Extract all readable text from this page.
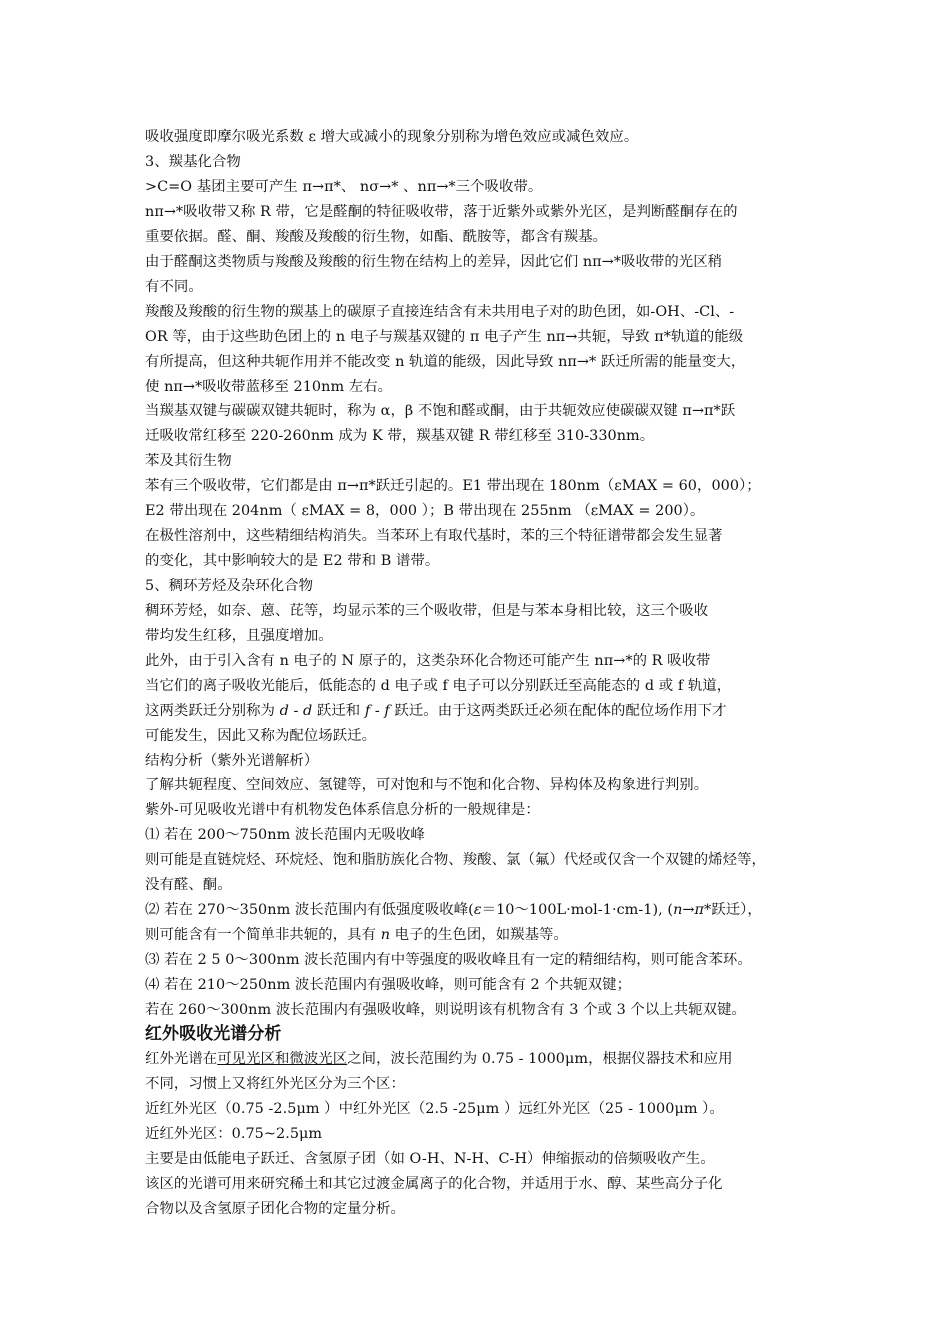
吸收强度即摩尔吸光系数 ε 增大或减小的现象分别称为增色效应或减色效应。
3、羰基化合物
>C=O 基团主要可产生 π→π*、 nσ→* 、nπ→*三个吸收带。
nπ→*吸收带又称 R 带，它是醛酮的特征吸收带，落于近紫外或紫外光区，是判断醛酮存在的
重要依据。醛、酮、羧酸及羧酸的衍生物，如酯、酰胺等，都含有羰基。
由于醛酮这类物质与羧酸及羧酸的衍生物在结构上的差异，因此它们 nπ→*吸收带的光区稍
有不同。
羧酸及羧酸的衍生物的羰基上的碳原子直接连结含有未共用电子对的助色团，如-OH、-Cl、-
OR 等，由于这些助色团上的 n 电子与羰基双键的 π 电子产生 nπ→共轭，导致 π*轨道的能级
有所提高，但这种共轭作用并不能改变 n 轨道的能级，因此导致 nπ→* 跃迁所需的能量变大，
使 nπ→*吸收带蓝移至 210nm 左右。
当羰基双键与碳碳双键共轭时，称为 α，β 不饱和醛或酮，由于共轭效应使碳碳双键 π→π*跃
迁吸收常红移至 220-260nm 成为 K 带，羰基双键 R 带红移至 310-330nm。
苯及其衍生物
苯有三个吸收带，它们都是由 π→π*跃迁引起的。E1 带出现在 180nm（εMAX = 60，000）；
E2 带出现在 204nm（ εMAX = 8，000 ）；B 带出现在 255nm （εMAX = 200）。
在极性溶剂中，这些精细结构消失。当苯环上有取代基时，苯的三个特征谱带都会发生显著
的变化，其中影响较大的是 E2 带和 B 谱带。
5、稠环芳烃及杂环化合物
稠环芳烃，如奈、蒽、芘等，均显示苯的三个吸收带，但是与苯本身相比较，这三个吸收
带均发生红移，且强度增加。
此外，由于引入含有 n 电子的 N 原子的，这类杂环化合物还可能产生 nπ→*的 R 吸收带
当它们的离子吸收光能后，低能态的 d 电子或 f 电子可以分别跃迁至高能态的 d 或 f 轨道，
这两类跃迁分别称为 d - d 跃迁和 f - f 跃迁。由于这两类跃迁必须在配体的配位场作用下才
可能发生，因此又称为配位场跃迁。
结构分析（紫外光谱解析）
了解共轭程度、空间效应、氢键等，可对饱和与不饱和化合物、异构体及构象进行判别。
紫外-可见吸收光谱中有机物发色体系信息分析的一般规律是：
⑴ 若在 200～750nm 波长范围内无吸收峰
则可能是直链烷烃、环烷烃、饱和脂肪族化合物、羧酸、氯（氟）代烃或仅含一个双键的烯烃等，
没有醛、酮。
⑵ 若在 270～350nm 波长范围内有低强度吸收峰(ε＝10～100L·mol-1·cm-1), (n→π*跃迁），
则可能含有一个简单非共轭的，具有 n 电子的生色团，如羰基等。
⑶ 若在 2 5 0～300nm 波长范围内有中等强度的吸收峰且有一定的精细结构，则可能含苯环。
⑷ 若在 210～250nm 波长范围内有强吸收峰，则可能含有 2 个共轭双键；
若在 260～300nm 波长范围内有强吸收峰，则说明该有机物含有 3 个或 3 个以上共轭双键。
红外吸收光谱分析
红外光谱在可见光区和微波光区之间，波长范围约为 0.75 - 1000μm，根据仪器技术和应用
不同，习惯上又将红外光区分为三个区：
近红外光区（0.75 -2.5μm ）中红外光区（2.5 -25μm ）远红外光区（25 - 1000μm ）。
近红外光区：0.75~2.5μm
主要是由低能电子跃迁、含氢原子团（如 O-H、N-H、C-H）伸缩振动的倍频吸收产生。
该区的光谱可用来研究稀土和其它过渡金属离子的化合物，并适用于水、醇、某些高分子化
合物以及含氢原子团化合物的定量分析。
